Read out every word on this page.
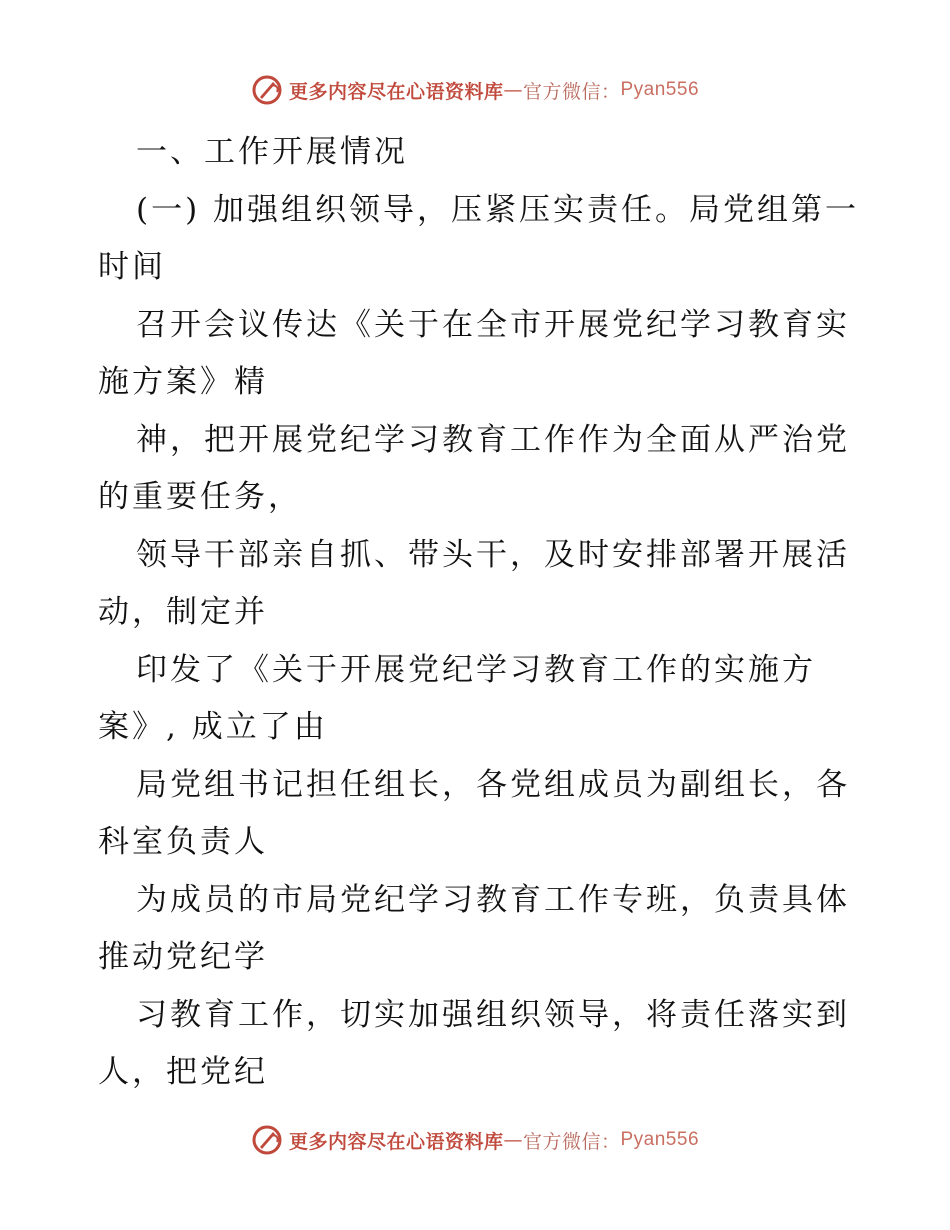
更多内容尽在心语资料库 — 官方微信： Pyan556
一、工作开展情况
(一) 加强组织领导，压紧压实责任。局党组第一
时间
召开会议传达《关于在全市开展党纪学习教育实
施方案》精
神，把开展党纪学习教育工作作为全面从严治党
的重要任务，
领导干部亲自抓、带头干，及时安排部署开展活
动，制定并
印发了《关于开展党纪学习教育工作的实施方
案》, 成立了由
局党组书记担任组长，各党组成员为副组长，各
科室负责人
为成员的市局党纪学习教育工作专班，负责具体
推动党纪学
习教育工作，切实加强组织领导，将责任落实到
人，把党纪
更多内容尽在心语资料库 — 官方微信： Pyan556
